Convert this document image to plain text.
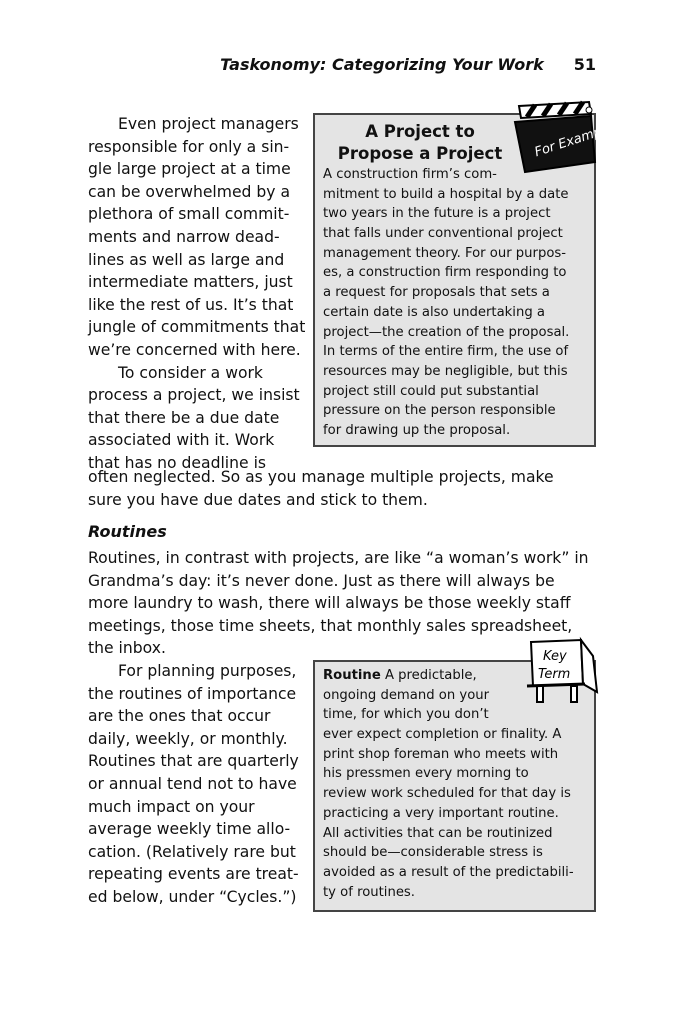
Taskonomy: Categorizing Your Work 51
Even project managers
responsible for only a sin-
gle large project at a time
can be overwhelmed by a
plethora of small commit-
ments and narrow dead-
lines as well as large and
intermediate matters, just
like the rest of us. It’s that
jungle of commitments that
we’re concerned with here.
To consider a work
process a project, we insist
that there be a due date
associated with it. Work
that has no deadline is
often neglected. So as you manage multiple projects, make
sure you have due dates and stick to them.
Routines
Routines, in contrast with projects, are like “a woman’s work” in
Grandma’s day: it’s never done. Just as there will always be
more laundry to wash, there will always be those weekly staff
meetings, those time sheets, that monthly sales spreadsheet,
the inbox.
For planning purposes,
the routines of importance
are the ones that occur
daily, weekly, or monthly.
Routines that are quarterly
or annual tend not to have
much impact on your
average weekly time allo-
cation. (Relatively rare but
repeating events are treat-
ed below, under “Cycles.”)
A Project to
Propose a Project
A construction firm’s com-
mitment to build a hospital by a date
two years in the future is a project
that falls under conventional project
management theory. For our purpos-
es, a construction firm responding to
a request for proposals that sets a
certain date is also undertaking a
project—the creation of the proposal.
In terms of the entire firm, the use of
resources may be negligible, but this
project still could put substantial
pressure on the person responsible
for drawing up the proposal.
For Example
Routine A predictable,
ongoing demand on your
time, for which you don’t
ever expect completion or finality. A
print shop foreman who meets with
his pressmen every morning to
review work scheduled for that day is
practicing a very important routine.
All activities that can be routinized
should be—considerable stress is
avoided as a result of the predictabili-
ty of routines.
Key
Term
